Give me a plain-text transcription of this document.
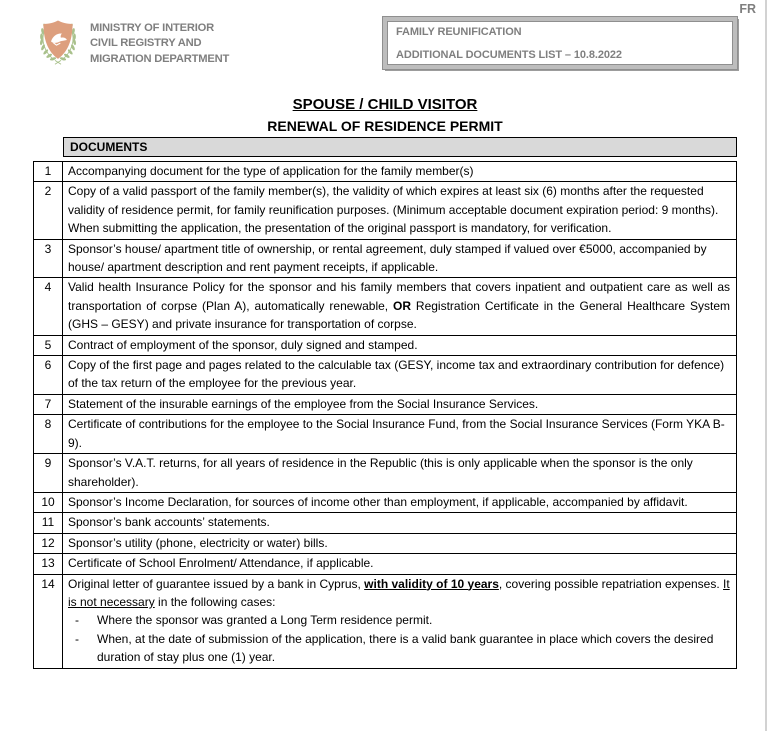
FR
MINISTRY OF INTERIOR
CIVIL REGISTRY AND
MIGRATION DEPARTMENT
FAMILY REUNIFICATION
ADDITIONAL DOCUMENTS LIST – 10.8.2022
SPOUSE / CHILD VISITOR
RENEWAL OF RESIDENCE PERMIT
DOCUMENTS
1	Accompanying document for the type of application for the family member(s)

2	Copy of a valid passport of the family member(s), the validity of which expires at least six (6) months after the requested validity of residence permit, for family reunification purposes. (Minimum acceptable document expiration period: 9 months). When submitting the application, the presentation of the original passport is mandatory, for verification.

3	Sponsor’s house/ apartment title of ownership, or rental agreement, duly stamped if valued over €5000, accompanied by house/ apartment description and rent payment receipts, if applicable.

4	Valid health Insurance Policy for the sponsor and his family members that covers inpatient and outpatient care as well as transportation of corpse (Plan A), automatically renewable, OR Registration Certificate in the General Healthcare System (GHS – GESY) and private insurance for transportation of corpse.

5	Contract of employment of the sponsor, duly signed and stamped.

6	Copy of the first page and pages related to the calculable tax (GESY, income tax and extraordinary contribution for defence) of the tax return of the employee for the previous year.

7	Statement of the insurable earnings of the employee from the Social Insurance Services.

8	Certificate of contributions for the employee to the Social Insurance Fund, from the Social Insurance Services (Form YKA B-9).

9	Sponsor’s V.A.T. returns, for all years of residence in the Republic (this is only applicable when the sponsor is the only shareholder).

10	Sponsor’s Income Declaration, for sources of income other than employment, if applicable, accompanied by affidavit.

11	Sponsor’s bank accounts’ statements.

12	Sponsor’s utility (phone, electricity or water) bills.

13	Certificate of School Enrolment/ Attendance, if applicable.

14	Original letter of guarantee issued by a bank in Cyprus, with validity of 10 years, covering possible repatriation expenses. It is not necessary in the following cases:
- Where the sponsor was granted a Long Term residence permit.
- When, at the date of submission of the application, there is a valid bank guarantee in place which covers the desired duration of stay plus one (1) year.
